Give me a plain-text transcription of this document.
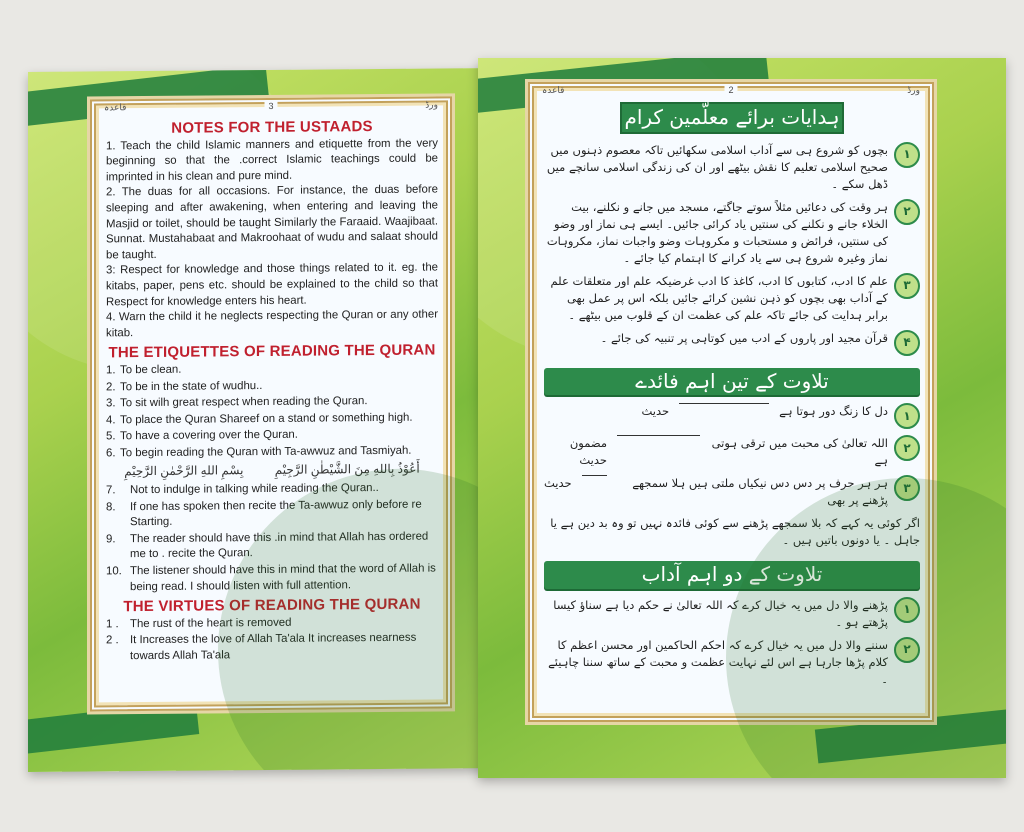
قاعدہ	3	ورڈ
NOTES FOR THE USTAADS

1. Teach the child Islamic manners and etiquette from the very beginning so that the .correct Islamic teachings could be imprinted in his clean and pure mind.

2. The duas for all occasions. For instance, the duas before sleeping and after awakening, when entering and leaving the Masjid or toilet, should be taught Similarly the Faraaid. Waajibaat. Sunnat. Mustahabaat and Makroohaat of wudu and salaat should be taught.

3: Respect for knowledge and those things related to it. eg. the kitabs, paper, pens etc. should be explained to the child so that Respect for knowledge enters his heart.

4. Warn the child it he neglects respecting the Quran or any other kitab.

THE ETIQUETTES OF READING THE QURAN
1. To be clean.
2. To be in the state of wudhu..
3. To sit wilh great respect when reading the Quran.
4. To place the Quran Shareef on a stand or something high.
5. To have a covering over the Quran.
6. To begin reading the Quran with Ta-awwuz and Tasmiyah.
أَعُوْذُ بِاللهِ مِنَ الشَّيْطٰنِ الرَّجِيْمِ بِسْمِ اللهِ الرَّحْمٰنِ الرَّحِيْمِ
7.	Not to indulge in talking while reading the Quran..
8.	If one has spoken then recite the Ta-awwuz only before re Starting.
9.	The reader should have this .in mind that Allah has ordered me to . recite the Quran.
10. The listener should have this in mind that the word of Allah is being read. I should listen with full attention.
THE VIRTUES OF READING THE QURAN
1 . The rust of the heart is removed
2 . It Increases the love of Allah Ta'ala It increases nearness towards Allah Ta'ala
قاعدہ	2	ورڈ
ہدایات برائے معلّمین کرام
۱
بچوں کو شروع ہی سے آداب اسلامی سکھائیں تاکہ معصوم ذہنوں میں صحیح اسلامی تعلیم کا نقش بیٹھے اور ان کی زندگی اسلامی سانچے میں ڈھل سکے ۔
۲
ہر وقت کی دعائیں مثلاً سوتے جاگتے، مسجد میں جانے و نکلنے، بیت الخلاء جانے و نکلنے کی سنتیں یاد کرائی جائیں۔ ایسے ہی نماز اور وضو کی سنتیں، فرائض و مستحبات و مکروہات وضو واجبات نماز، مکروہات نماز وغیرہ شروع ہی سے یاد کرانے کا اہتمام کیا جائے ۔
۳
علم کا ادب، کتابوں کا ادب، کاغذ کا ادب غرضیکہ علم اور متعلقات علم کے آداب بھی بچوں کو ذہن نشین کرائے جائیں بلکہ اس پر عمل بھی برابر ہدایت کی جائے تاکہ علم کی عظمت ان کے قلوب میں بیٹھے ۔
۴
قرآن مجید اور پاروں کے ادب میں کوتاہی پر تنبیہ کی جائے ۔
تلاوت کے تین اہم فائدے
۱
دل کا زنگ دور ہوتا ہے
حدیث
۲
اللہ تعالیٰ کی محبت میں ترقی ہوتی ہے
مضمون حدیث
۳
ہر ہر حرف پر دس دس نیکیاں ملتی ہیں ہلا سمجھے پڑھنے پر بھی
حدیث

اگر کوئی یہ کہے کہ بلا سمجھے پڑھنے سے کوئی فائدہ نہیں تو وہ بد دین ہے یا جاہل ۔ یا دونوں باتیں ہیں ۔

تلاوت کے دو اہم آداب
۱
پڑھنے والا دل میں یہ خیال کرے کہ اللہ تعالیٰ نے حکم دیا ہے سناؤ کیسا پڑھتے ہو ۔
۲
سننے والا دل میں یہ خیال کرے کہ احکم الحاکمین اور محسن اعظم کا کلام پڑھا جارہا ہے اس لئے نہایت عظمت و محبت کے ساتھ سننا چاہیئے ۔
